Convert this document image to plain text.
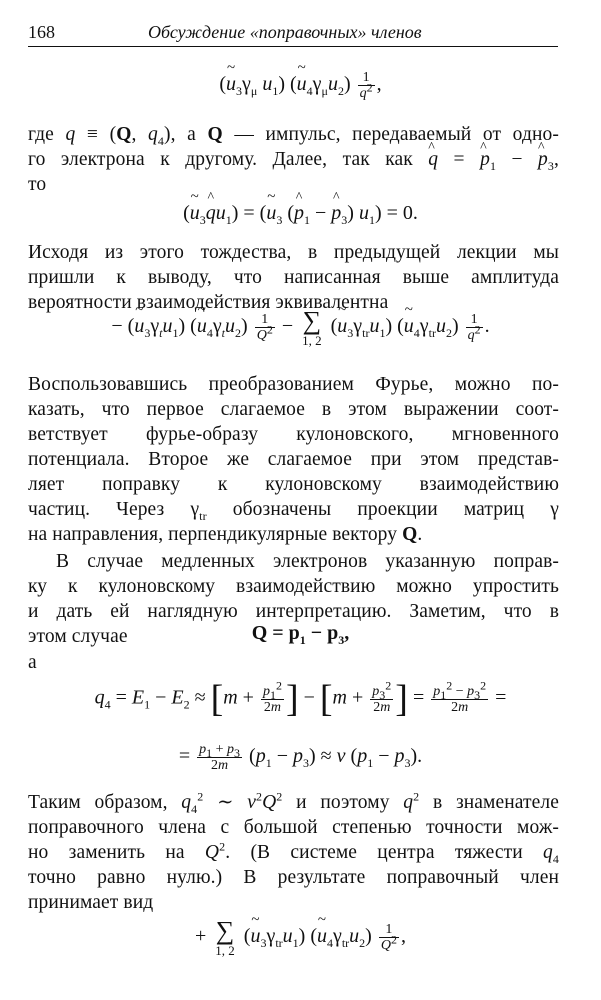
168	Обсуждение «поправочных» членов
(~ $u_3\gamma_\mu$ $u_1$) (~ $u_4\gamma_\mu u_2) \frac{1}{q^2}$ ,
где q ≡ (Q, $q_4$), а Q — импульс, передаваемый от одно-
го электрона к другому. Далее, так как ^ q = ^ $p_1$ − ^ $p_3$,
то
(~ $u_3\^{}$ $qu_1$) = (~ $u_3$ (^ $p_1$ − ^ $p_3$) $u_1) = 0$.
Исходя из этого тождества, в предыдущей лекции мы
пришли к выводу, что написанная выше амплитуда
вероятности взаимодействия эквивалентна
− (~ $u_3\gamma_tu_1$) (~ $u_4\gamma_tu_2) \frac{1}{Q^2}$ − ∑
1, 2
(~ $u_3\gamma_{tr}u_1$) (~ $u_4\gamma_{tr}u_2) \frac{1}{q^2}$ .
Воспользовавшись преобразованием Фурье, можно по-
казать, что первое слагаемое в этом выражении соот-
ветствует фурье-образу кулоновского, мгновенного
потенциала. Второе же слагаемое при этом представ-
ляет поправку к кулоновскому взаимодействию
частиц. Через $\gamma_{tr}$ обозначены проекции матриц γ
на направления, перпендикулярные вектору Q.
В случае медленных электронов указанную поправ-
ку к кулоновскому взаимодействию можно упростить
и дать ей наглядную интерпретацию. Заметим, что в
этом случае	$Q = p_1 - p_3$,
а
$q_4 = E_1 - E_2 \approx [m + \frac{p_1^2}{2m}$ ] − [$m + \frac{p_3^2}{2m}$ ] = $\frac{p_1^2 - p_3^2}{2m}$ =
= $\frac{p_1 + p_3}{2m} (p_1 - p_3) \approx v$ $(p_1 - p_3)$.
Таким образом, $q_4^2$ ∼ $v^2Q^2$ и поэтому $q^2$ в знаменателе
поправочного члена с большой степенью точности мож-
но заменить на $Q^2$. (В системе центра тяжести $q_4$
точно равно нулю.) В результате поправочный член
принимает вид
+ ∑
1, 2
(~ $u_3\gamma_{tr}u_1$) (~ $u_4\gamma_{tr}u_2) \frac{1}{Q^2}$ ,
